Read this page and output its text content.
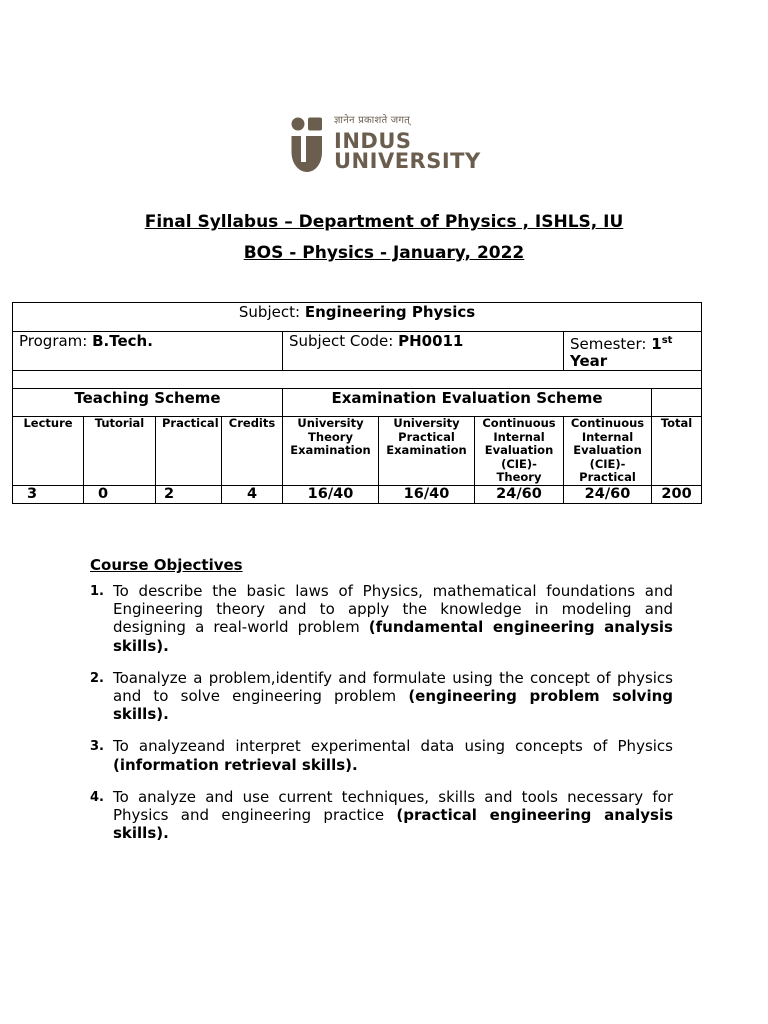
ज्ञानेन प्रकाशते जगत्
INDUS
UNIVERSITY
Final Syllabus – Department of Physics , ISHLS, IU
BOS - Physics - January, 2022
Subject: Engineering Physics								
Program: B.Tech.				Subject Code: PH0011			Semester: 1st
Year	

Teaching Scheme				Examination Evaluation Scheme				
Lecture	Tutorial	Practical	Credits	University Theory Examination	University Practical Examination	Continuous Internal Evaluation (CIE)- Theory	Continuous Internal Evaluation (CIE)- Practical	Total
3	0	2	4	16/40	16/40	24/60	24/60	200
Course Objectives
1. To describe the basic laws of Physics, mathematical foundations and Engineering theory and to apply the knowledge in modeling and designing a real-world problem (fundamental engineering analysis skills).
2. Toanalyze a problem,identify and formulate using the concept of physics and to solve engineering problem (engineering problem solving skills).
3. To analyzeand interpret experimental data using concepts of Physics (information retrieval skills).
4. To analyze and use current techniques, skills and tools necessary for Physics and engineering practice (practical engineering analysis skills).
